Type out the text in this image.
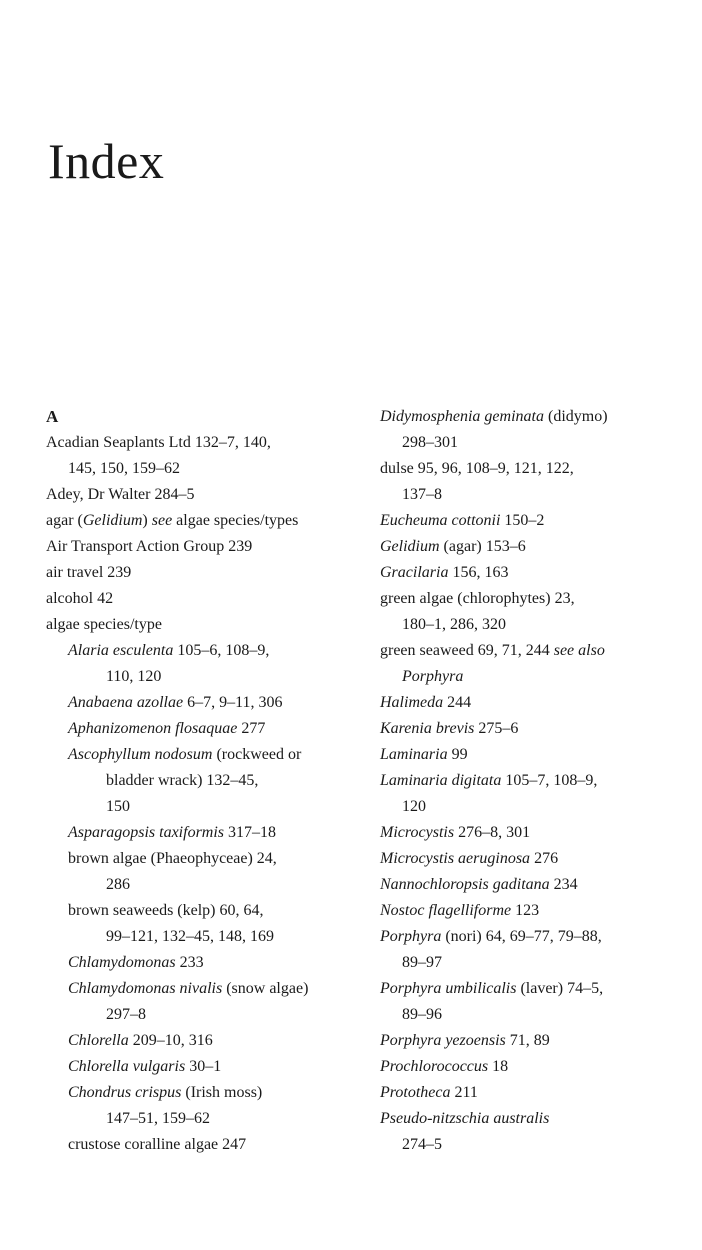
Index
A
Acadian Seaplants Ltd 132–7, 140,
145, 150, 159–62
Adey, Dr Walter 284–5
agar (Gelidium) see algae species/types
Air Transport Action Group 239
air travel 239
alcohol 42
algae species/type
Alaria esculenta 105–6, 108–9,
110, 120
Anabaena azollae 6–7, 9–11, 306
Aphanizomenon flosaquae 277
Ascophyllum nodosum (rockweed or
bladder wrack) 132–45,
150
Asparagopsis taxiformis 317–18
brown algae (Phaeophyceae) 24,
286
brown seaweeds (kelp) 60, 64,
99–121, 132–45, 148, 169
Chlamydomonas 233
Chlamydomonas nivalis (snow algae)
297–8
Chlorella 209–10, 316
Chlorella vulgaris 30–1
Chondrus crispus (Irish moss)
147–51, 159–62
crustose coralline algae 247
Didymosphenia geminata (didymo)
298–301
dulse 95, 96, 108–9, 121, 122,
137–8
Eucheuma cottonii 150–2
Gelidium (agar) 153–6
Gracilaria 156, 163
green algae (chlorophytes) 23,
180–1, 286, 320
green seaweed 69, 71, 244 see also
Porphyra
Halimeda 244
Karenia brevis 275–6
Laminaria 99
Laminaria digitata 105–7, 108–9,
120
Microcystis 276–8, 301
Microcystis aeruginosa 276
Nannochloropsis gaditana 234
Nostoc flagelliforme 123
Porphyra (nori) 64, 69–77, 79–88,
89–97
Porphyra umbilicalis (laver) 74–5,
89–96
Porphyra yezoensis 71, 89
Prochlorococcus 18
Prototheca 211
Pseudo-nitzschia australis
274–5
